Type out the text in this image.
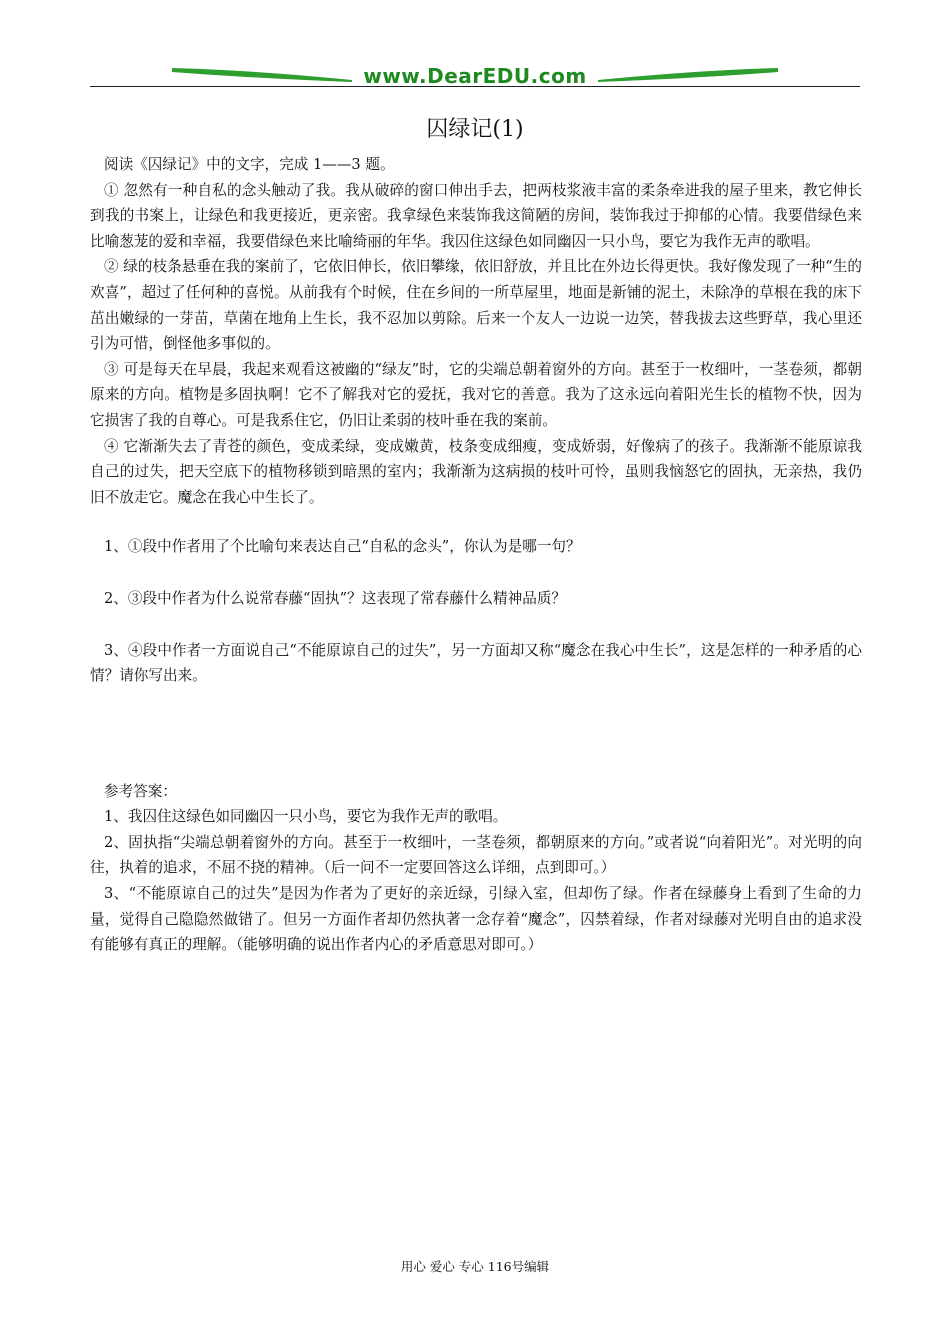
www.DearEDU.com
囚绿记(1)

阅读《囚绿记》中的文字，完成 1——3 题。

① 忽然有一种自私的念头触动了我。我从破碎的窗口伸出手去，把两枝浆液丰富的柔条牵进我的屋子里来，教它伸长到我的书案上，让绿色和我更接近，更亲密。我拿绿色来装饰我这简陋的房间，装饰我过于抑郁的心情。我要借绿色来比喻葱茏的爱和幸福，我要借绿色来比喻绮丽的年华。我囚住这绿色如同幽囚一只小鸟，要它为我作无声的歌唱。

② 绿的枝条悬垂在我的案前了，它依旧伸长，依旧攀缘，依旧舒放，并且比在外边长得更快。我好像发现了一种“生的欢喜”，超过了任何种的喜悦。从前我有个时候，住在乡间的一所草屋里，地面是新铺的泥土，未除净的草根在我的床下茁出嫩绿的一芽苗，草菌在地角上生长，我不忍加以剪除。后来一个友人一边说一边笑，替我拔去这些野草，我心里还引为可惜，倒怪他多事似的。

③ 可是每天在早晨，我起来观看这被幽的“绿友”时，它的尖端总朝着窗外的方向。甚至于一枚细叶，一茎卷须，都朝原来的方向。植物是多固执啊！它不了解我对它的爱抚，我对它的善意。我为了这永远向着阳光生长的植物不快，因为它损害了我的自尊心。可是我系住它，仍旧让柔弱的枝叶垂在我的案前。

④ 它渐渐失去了青苍的颜色，变成柔绿，变成嫩黄，枝条变成细瘦，变成娇弱，好像病了的孩子。我渐渐不能原谅我自己的过失，把天空底下的植物移锁到暗黑的室内；我渐渐为这病损的枝叶可怜，虽则我恼怒它的固执，无亲热，我仍旧不放走它。魔念在我心中生长了。

1、①段中作者用了个比喻句来表达自己“自私的念头”，你认为是哪一句？

2、③段中作者为什么说常春藤“固执”？这表现了常春藤什么精神品质？

3、④段中作者一方面说自己“不能原谅自己的过失”，另一方面却又称“魔念在我心中生长”，这是怎样的一种矛盾的心情？请你写出来。

参考答案：

1、我囚住这绿色如同幽囚一只小鸟，要它为我作无声的歌唱。

2、固执指“尖端总朝着窗外的方向。甚至于一枚细叶，一茎卷须，都朝原来的方向。”或者说“向着阳光”。对光明的向往，执着的追求，不屈不挠的精神。（后一问不一定要回答这么详细，点到即可。）

3、“不能原谅自己的过失”是因为作者为了更好的亲近绿，引绿入室，但却伤了绿。作者在绿藤身上看到了生命的力量，觉得自己隐隐然做错了。但另一方面作者却仍然执著一念存着“魔念”，囚禁着绿，作者对绿藤对光明自由的追求没有能够有真正的理解。（能够明确的说出作者内心的矛盾意思对即可。）

用心 爱心 专心 116号编辑
